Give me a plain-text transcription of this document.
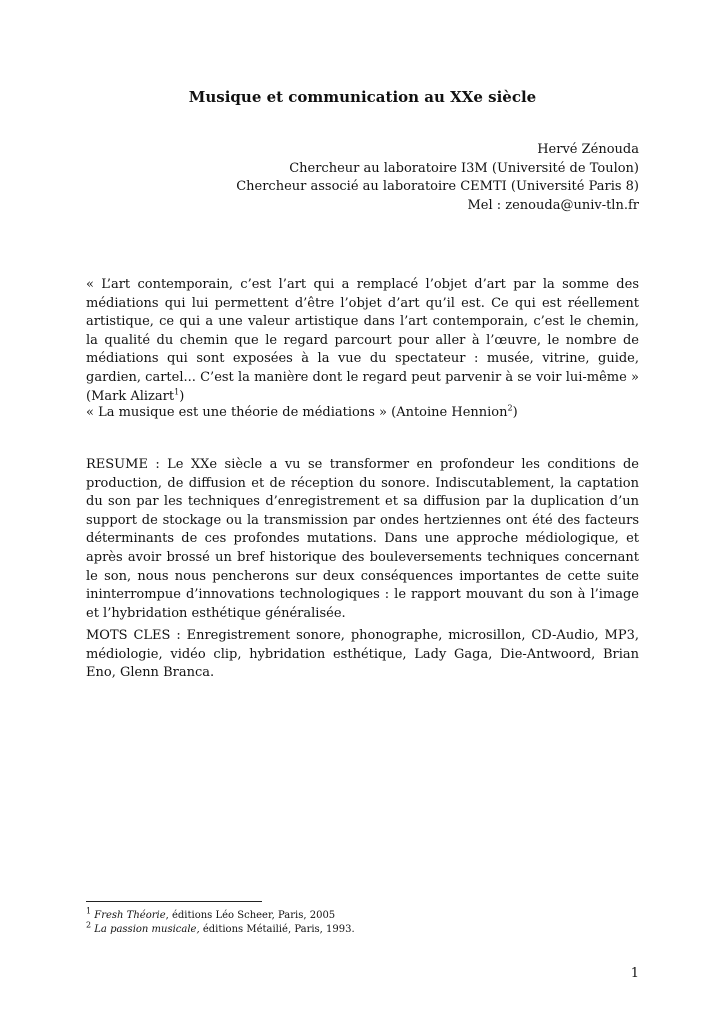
Musique et communication au XXe siècle
Hervé Zénouda
Chercheur au laboratoire I3M (Université de Toulon)
Chercheur associé au laboratoire CEMTI (Université Paris 8)
Mel : zenouda@univ-tln.fr
« L’art contemporain, c’est l’art qui a remplacé l’objet d’art par la somme des médiations qui lui permettent d’être l’objet d’art qu’il est. Ce qui est réellement artistique, ce qui a une valeur artistique dans l’art contemporain, c’est le chemin, la qualité du chemin que le regard parcourt pour aller à l’œuvre, le nombre de médiations qui sont exposées à la vue du spectateur : musée, vitrine, guide, gardien, cartel... C’est la manière dont le regard peut parvenir à se voir lui-même » (Mark Alizart$^1$)
« La musique est une théorie de médiations » (Antoine Hennion$^2$)
RESUME : Le XXe siècle a vu se transformer en profondeur les conditions de production, de diffusion et de réception du sonore. Indiscutablement, la captation du son par les techniques d’enregistrement et sa diffusion par la duplication d’un support de stockage ou la transmission par ondes hertziennes ont été des facteurs déterminants de ces profondes mutations. Dans une approche médiologique, et après avoir brossé un bref historique des bouleversements techniques concernant le son, nous nous pencherons sur deux conséquences importantes de cette suite ininterrompue d’innovations technologiques : le rapport mouvant du son à l’image et l’hybridation esthétique généralisée.
MOTS CLES : Enregistrement sonore, phonographe, microsillon, CD-Audio, MP3, médiologie, vidéo clip, hybridation esthétique, Lady Gaga, Die-Antwoord, Brian Eno, Glenn Branca.
$^1$ Fresh Théorie, éditions Léo Scheer, Paris, 2005
$^2$ La passion musicale, éditions Métailié, Paris, 1993.
1
